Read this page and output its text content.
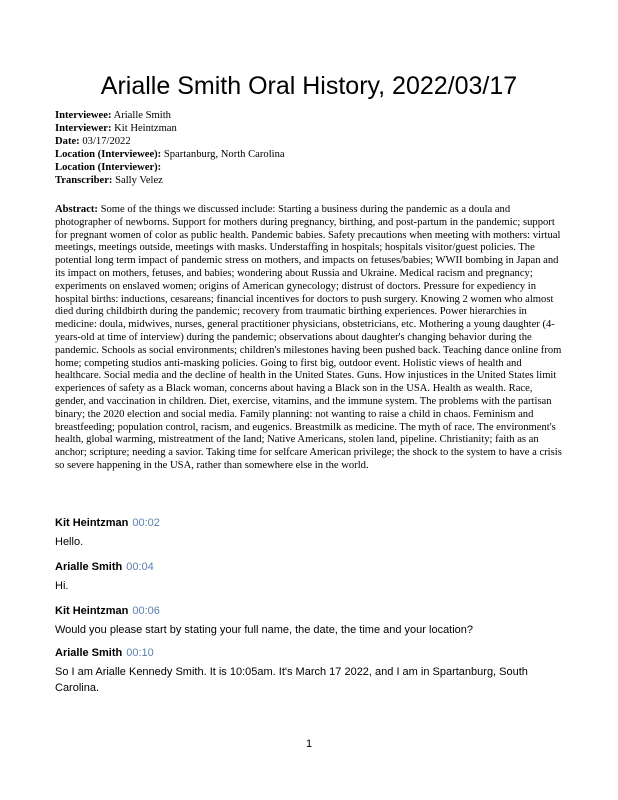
Arialle Smith Oral History, 2022/03/17
Interviewee: Arialle Smith
Interviewer: Kit Heintzman
Date: 03/17/2022
Location (Interviewee): Spartanburg, North Carolina
Location (Interviewer):
Transcriber: Sally Velez
Abstract: Some of the things we discussed include: Starting a business during the pandemic as a doula and photographer of newborns. Support for mothers during pregnancy, birthing, and post-partum in the pandemic; support for pregnant women of color as public health. Pandemic babies. Safety precautions when meeting with mothers: virtual meetings, meetings outside, meetings with masks. Understaffing in hospitals; hospitals visitor/guest policies. The potential long term impact of pandemic stress on mothers, and impacts on fetuses/babies; WWII bombing in Japan and its impact on mothers, fetuses, and babies; wondering about Russia and Ukraine. Medical racism and pregnancy; experiments on enslaved women; origins of American gynecology; distrust of doctors. Pressure for expediency in hospital births: inductions, cesareans; financial incentives for doctors to push surgery. Knowing 2 women who almost died during childbirth during the pandemic; recovery from traumatic birthing experiences. Power hierarchies in medicine: doula, midwives, nurses, general practitioner physicians, obstetricians, etc. Mothering a young daughter (4-years-old at time of interview) during the pandemic; observations about daughter's changing behavior during the pandemic. Schools as social environments; children's milestones having been pushed back. Teaching dance online from home; competing studios anti-masking policies. Going to first big, outdoor event. Holistic views of health and healthcare. Social media and the decline of health in the United States. Guns. How injustices in the United States limit experiences of safety as a Black woman, concerns about having a Black son in the USA. Health as wealth. Race, gender, and vaccination in children. Diet, exercise, vitamins, and the immune system. The problems with the partisan binary; the 2020 election and social media. Family planning: not wanting to raise a child in chaos. Feminism and breastfeeding; population control, racism, and eugenics. Breastmilk as medicine. The myth of race. The environment's health, global warming, mistreatment of the land; Native Americans, stolen land, pipeline. Christianity; faith as an anchor; scripture; needing a savior. Taking time for selfcare American privilege; the shock to the system to have a crisis so severe happening in the USA, rather than somewhere else in the world.
Kit Heintzman 00:02
Hello.
Arialle Smith 00:04
Hi.
Kit Heintzman 00:06
Would you please start by stating your full name, the date, the time and your location?
Arialle Smith 00:10
So I am Arialle Kennedy Smith. It is 10:05am. It's March 17 2022, and I am in Spartanburg, South Carolina.
1
